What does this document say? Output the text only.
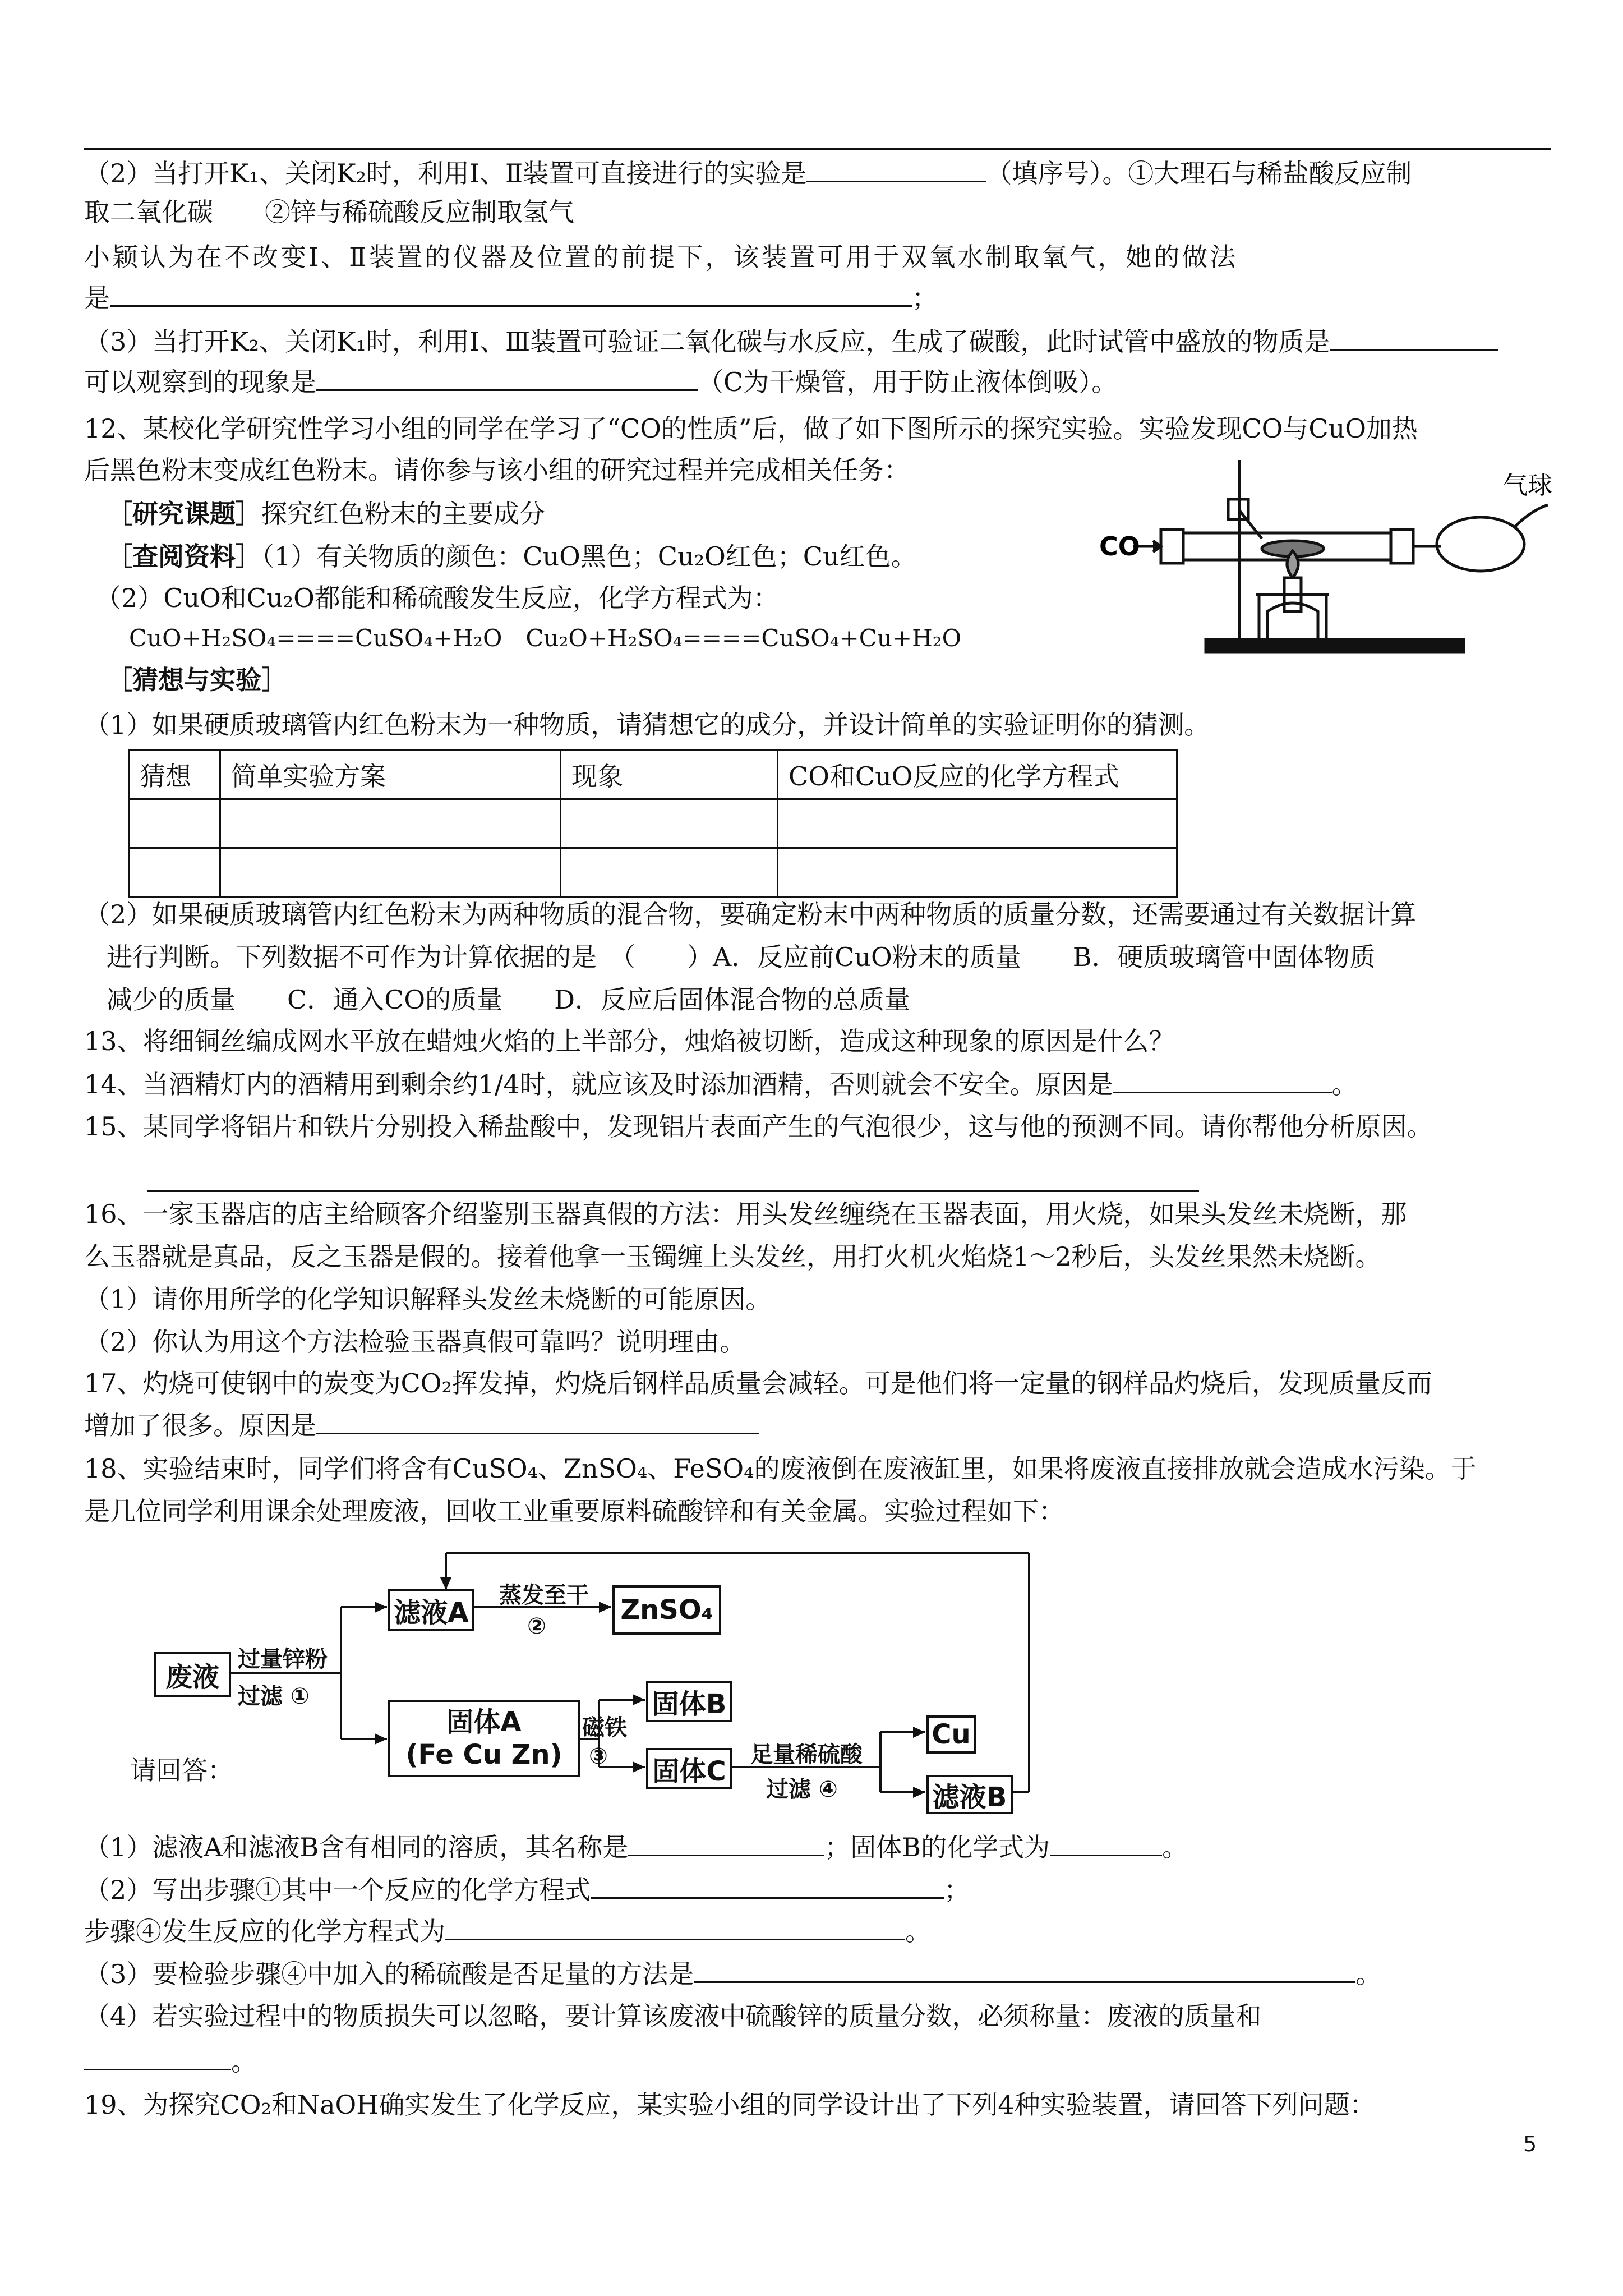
（2）当打开K₁、关闭K₂时，利用Ⅰ、Ⅱ装置可直接进行的实验是	（填序号）。①大理石与稀盐酸反应制
取二氧化碳　　②锌与稀硫酸反应制取氢气
小颖认为在不改变Ⅰ、Ⅱ装置的仪器及位置的前提下，该装置可用于双氧水制取氧气，她的做法
是	；
（3）当打开K₂、关闭K₁时，利用Ⅰ、Ⅲ装置可验证二氧化碳与水反应，生成了碳酸，此时试管中盛放的物质是
可以观察到的现象是	（C为干燥管，用于防止液体倒吸）。
12、某校化学研究性学习小组的同学在学习了“CO的性质”后，做了如下图所示的探究实验。实验发现CO与CuO加热
后黑色粉末变成红色粉末。请你参与该小组的研究过程并完成相关任务：
［研究课题］探究红色粉末的主要成分
［查阅资料］（1）有关物质的颜色：CuO黑色；Cu₂O红色；Cu红色。
（2）CuO和Cu₂O都能和稀硫酸发生反应，化学方程式为：
CuO+H₂SO₄====CuSO₄+H₂O　Cu₂O+H₂SO₄====CuSO₄+Cu+H₂O
［猜想与实验］
CO
气球
（1）如果硬质玻璃管内红色粉末为一种物质，请猜想它的成分，并设计简单的实验证明你的猜测。
猜想	简单实验方案	现象	CO和CuO反应的化学方程式

（2）如果硬质玻璃管内红色粉末为两种物质的混合物，要确定粉末中两种物质的质量分数，还需要通过有关数据计算
进行判断。下列数据不可作为计算依据的是　（　　）A．反应前CuO粉末的质量　　B．硬质玻璃管中固体物质
减少的质量　　C．通入CO的质量　　D．反应后固体混合物的总质量
13、将细铜丝编成网水平放在蜡烛火焰的上半部分，烛焰被切断，造成这种现象的原因是什么？
14、当酒精灯内的酒精用到剩余约1/4时，就应该及时添加酒精，否则就会不安全。原因是	。
15、某同学将铝片和铁片分别投入稀盐酸中，发现铝片表面产生的气泡很少，这与他的预测不同。请你帮他分析原因。
16、一家玉器店的店主给顾客介绍鉴别玉器真假的方法：用头发丝缠绕在玉器表面，用火烧，如果头发丝未烧断，那
么玉器就是真品，反之玉器是假的。接着他拿一玉镯缠上头发丝，用打火机火焰烧1～2秒后，头发丝果然未烧断。
（1）请你用所学的化学知识解释头发丝未烧断的可能原因。
（2）你认为用这个方法检验玉器真假可靠吗？说明理由。
17、灼烧可使钢中的炭变为CO₂挥发掉，灼烧后钢样品质量会减轻。可是他们将一定量的钢样品灼烧后，发现质量反而
增加了很多。原因是
18、实验结束时，同学们将含有CuSO₄、ZnSO₄、FeSO₄的废液倒在废液缸里，如果将废液直接排放就会造成水污染。于
是几位同学利用课余处理废液，回收工业重要原料硫酸锌和有关金属。实验过程如下：
废液
过量锌粉
过滤 ①
滤液A
蒸发至干
②
ZnSO₄
固体A
(Fe Cu Zn)
磁铁
③
固体B
固体C
足量稀硫酸
过滤 ④
Cu
滤液B
请回答：
（1）滤液A和滤液B含有相同的溶质，其名称是	；固体B的化学式为	。
（2）写出步骤①其中一个反应的化学方程式	；
步骤④发生反应的化学方程式为	。
（3）要检验步骤④中加入的稀硫酸是否足量的方法是	。
（4）若实验过程中的物质损失可以忽略，要计算该废液中硫酸锌的质量分数，必须称量：废液的质量和
。
19、为探究CO₂和NaOH确实发生了化学反应，某实验小组的同学设计出了下列4种实验装置，请回答下列问题：
5
